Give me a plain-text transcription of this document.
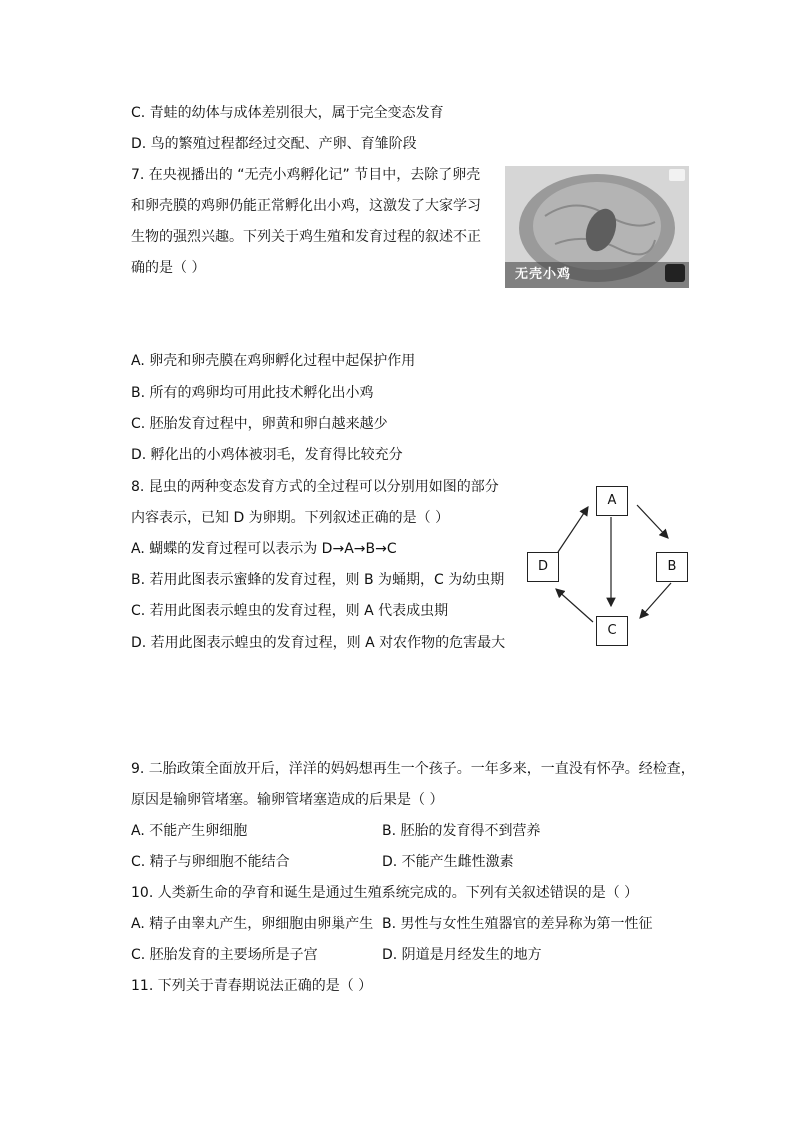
C. 青蛙的幼体与成体差别很大，属于完全变态发育
D. 鸟的繁殖过程都经过交配、产卵、育雏阶段
7. 在央视播出的 “无壳小鸡孵化记” 节目中，去除了卵壳
和卵壳膜的鸡卵仍能正常孵化出小鸡，这激发了大家学习
生物的强烈兴趣。下列关于鸡生殖和发育过程的叙述不正
确的是（ ）	无壳小鸡
A. 卵壳和卵壳膜在鸡卵孵化过程中起保护作用
B. 所有的鸡卵均可用此技术孵化出小鸡
C. 胚胎发育过程中，卵黄和卵白越来越少
D. 孵化出的小鸡体被羽毛，发育得比较充分
8. 昆虫的两种变态发育方式的全过程可以分别用如图的部分
内容表示，已知 D 为卵期。下列叙述正确的是（ ）
A. 蝴蝶的发育过程可以表示为 D→A→B→C
B. 若用此图表示蜜蜂的发育过程，则 B 为蛹期，C 为幼虫期
C. 若用此图表示蝗虫的发育过程，则 A 代表成虫期
D. 若用此图表示蝗虫的发育过程，则 A 对农作物的危害最大
A
B
C
D
9. 二胎政策全面放开后，洋洋的妈妈想再生一个孩子。一年多来，一直没有怀孕。经检查，
原因是输卵管堵塞。输卵管堵塞造成的后果是（ ）
A. 不能产生卵细胞	B. 胚胎的发育得不到营养
C. 精子与卵细胞不能结合	D. 不能产生雌性激素
10. 人类新生命的孕育和诞生是通过生殖系统完成的。下列有关叙述错误的是（ ）
A. 精子由睾丸产生，卵细胞由卵巢产生 B. 男性与女性生殖器官的差异称为第一性征
C. 胚胎发育的主要场所是子宫	D. 阴道是月经发生的地方
11. 下列关于青春期说法正确的是（ ）
